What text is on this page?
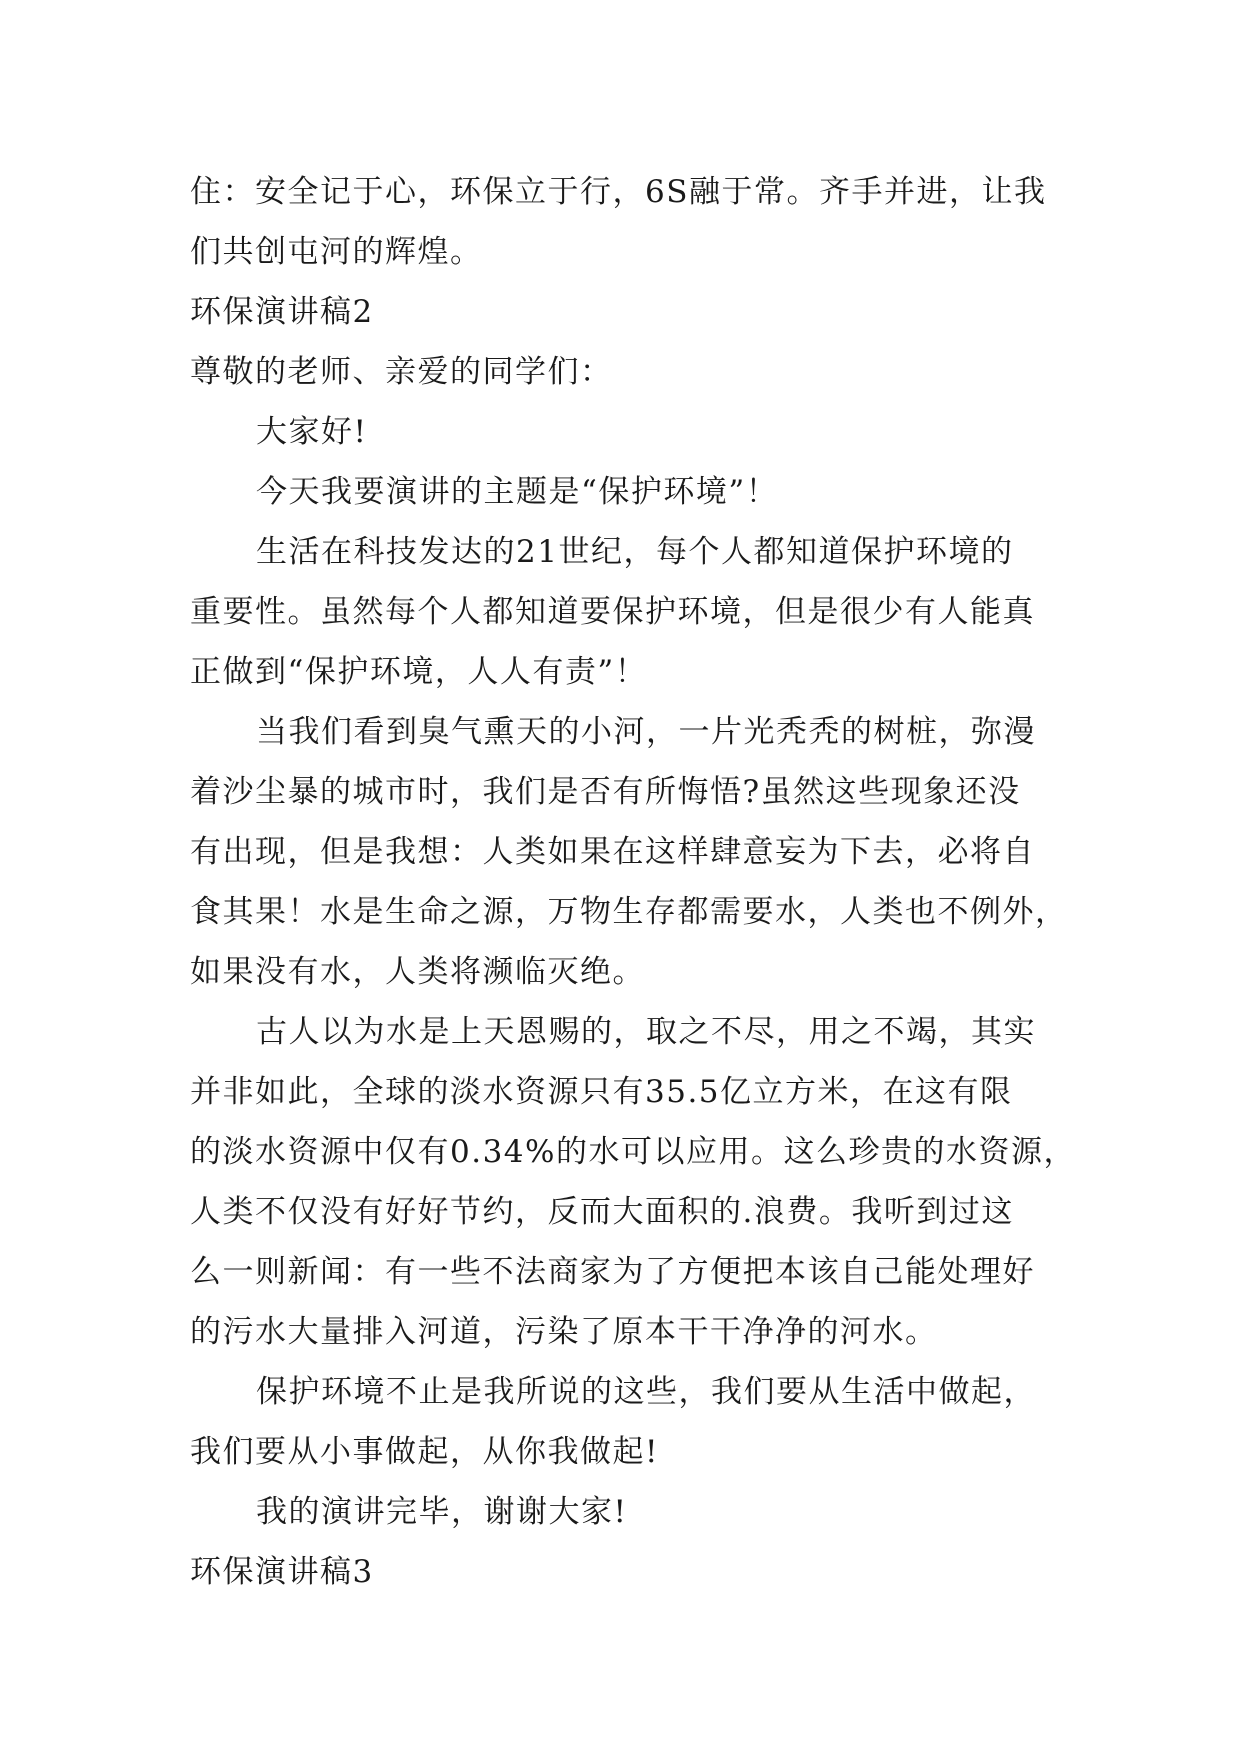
住：安全记于心，环保立于行，6S融于常。齐手并进，让我
们共创屯河的辉煌。
环保演讲稿2
尊敬的老师、亲爱的同学们：
大家好!
今天我要演讲的主题是“保护环境”！
生活在科技发达的21世纪，每个人都知道保护环境的
重要性。虽然每个人都知道要保护环境，但是很少有人能真
正做到“保护环境，人人有责”！
当我们看到臭气熏天的小河，一片光秃秃的树桩，弥漫
着沙尘暴的城市时，我们是否有所悔悟?虽然这些现象还没
有出现，但是我想：人类如果在这样肆意妄为下去，必将自
食其果！水是生命之源，万物生存都需要水，人类也不例外，
如果没有水，人类将濒临灭绝。
古人以为水是上天恩赐的，取之不尽，用之不竭，其实
并非如此，全球的淡水资源只有35.5亿立方米，在这有限
的淡水资源中仅有0.34%的水可以应用。这么珍贵的水资源，
人类不仅没有好好节约，反而大面积的.浪费。我听到过这
么一则新闻：有一些不法商家为了方便把本该自己能处理好
的污水大量排入河道，污染了原本干干净净的河水。
保护环境不止是我所说的这些，我们要从生活中做起，
我们要从小事做起，从你我做起!
我的演讲完毕，谢谢大家!
环保演讲稿3
